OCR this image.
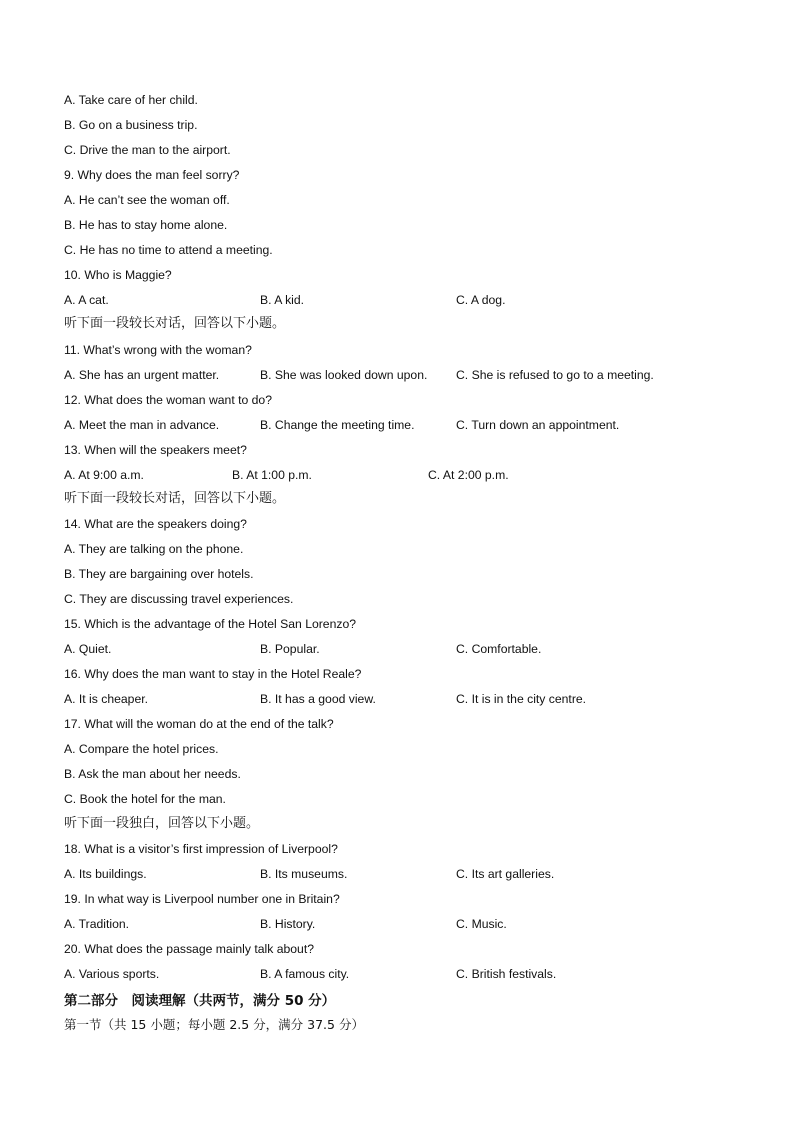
A. Take care of her child.
B. Go on a business trip.
C. Drive the man to the airport.
9. Why does the man feel sorry?
A. He can’t see the woman off.
B. He has to stay home alone.
C. He has no time to attend a meeting.
10. Who is Maggie?
A. A cat.	B. A kid.	C. A dog.
听下面一段较长对话，回答以下小题。
11. What’s wrong with the woman?
A. She has an urgent matter.	B. She was looked down upon. C. She is refused to go to a meeting.
12. What does the woman want to do?
A. Meet the man in advance.	B. Change the meeting time.	C. Turn down an appointment.
13. When will the speakers meet?
A. At 9:00 a.m.	B. At 1:00 p.m.	C. At 2:00 p.m.
听下面一段较长对话，回答以下小题。
14. What are the speakers doing?
A. They are talking on the phone.
B. They are bargaining over hotels.
C. They are discussing travel experiences.
15. Which is the advantage of the Hotel San Lorenzo?
A. Quiet.	B. Popular.	C. Comfortable.
16. Why does the man want to stay in the Hotel Reale?
A. It is cheaper.	B. It has a good view.	C. It is in the city centre.
17. What will the woman do at the end of the talk?
A. Compare the hotel prices.
B. Ask the man about her needs.
C. Book the hotel for the man.
听下面一段独白，回答以下小题。
18. What is a visitor’s first impression of Liverpool?
A. Its buildings.	B. Its museums.	C. Its art galleries.
19. In what way is Liverpool number one in Britain?
A. Tradition.	B. History.	C. Music.
20. What does the passage mainly talk about?
A. Various sports.	B. A famous city.	C. British festivals.
第二部分　阅读理解（共两节，满分 50 分）
第一节（共 15 小题；每小题 2.5 分，满分 37.5 分）
